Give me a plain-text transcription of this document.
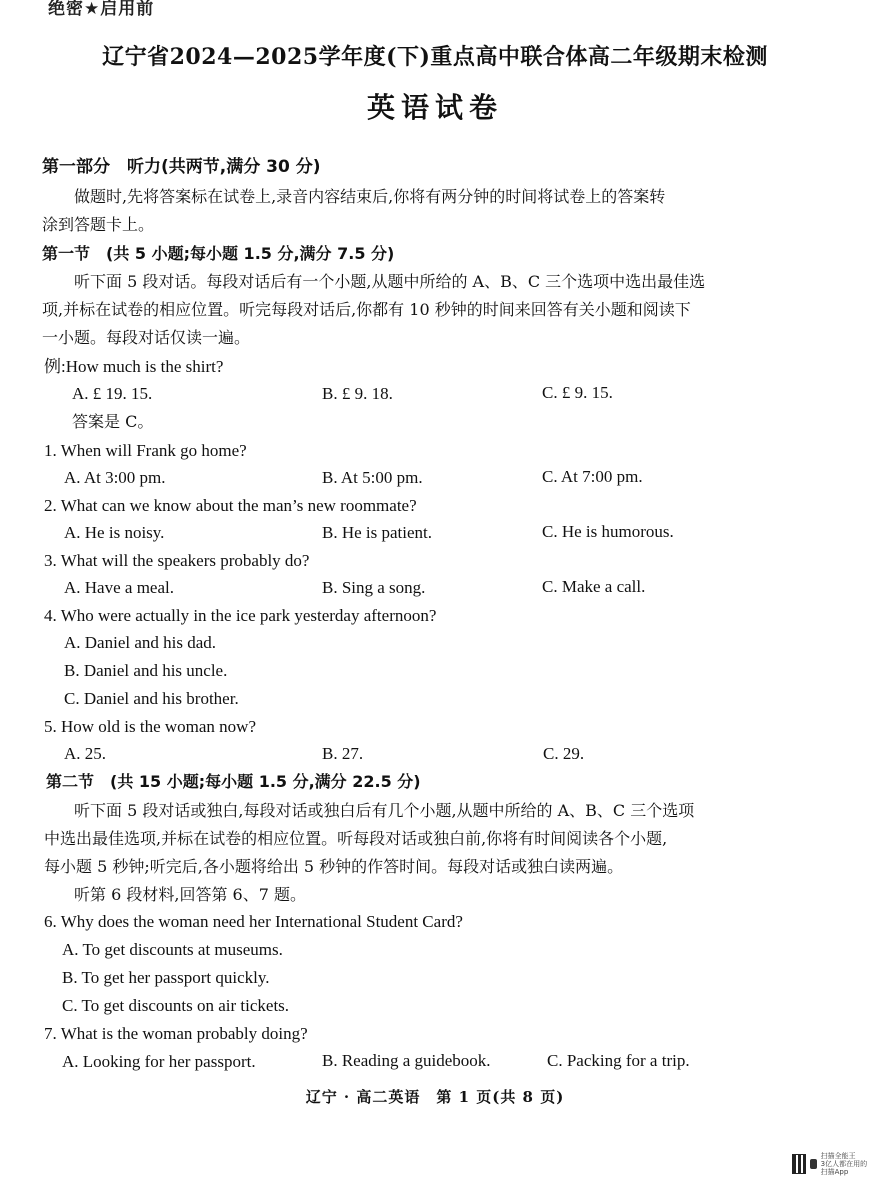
绝密★启用前
辽宁省2024—2025学年度(下)重点高中联合体高二年级期末检测
英语试卷
第一部分　听力(共两节,满分 30 分)
做题时,先将答案标在试卷上,录音内容结束后,你将有两分钟的时间将试卷上的答案转
涂到答题卡上。
第一节　(共 5 小题;每小题 1.5 分,满分 7.5 分)
听下面 5 段对话。每段对话后有一个小题,从题中所给的 A、B、C 三个选项中选出最佳选
项,并标在试卷的相应位置。听完每段对话后,你都有 10 秒钟的时间来回答有关小题和阅读下
一小题。每段对话仅读一遍。
例:How much is the shirt?
A. £ 19. 15.	B. £ 9. 18.	C. £ 9. 15.
答案是 C。
1. When will Frank go home?
A. At 3:00 pm.	B. At 5:00 pm.	C. At 7:00 pm.
2. What can we know about the man’s new roommate?
A. He is noisy.	B. He is patient.	C. He is humorous.
3. What will the speakers probably do?
A. Have a meal.	B. Sing a song.	C. Make a call.
4. Who were actually in the ice park yesterday afternoon?
A. Daniel and his dad.
B. Daniel and his uncle.
C. Daniel and his brother.
5. How old is the woman now?
A. 25.	B. 27.	C. 29.
第二节　(共 15 小题;每小题 1.5 分,满分 22.5 分)
听下面 5 段对话或独白,每段对话或独白后有几个小题,从题中所给的 A、B、C 三个选项
中选出最佳选项,并标在试卷的相应位置。听每段对话或独白前,你将有时间阅读各个小题,
每小题 5 秒钟;听完后,各小题将给出 5 秒钟的作答时间。每段对话或独白读两遍。
听第 6 段材料,回答第 6、7 题。
6. Why does the woman need her International Student Card?
A. To get discounts at museums.
B. To get her passport quickly.
C. To get discounts on air tickets.
7. What is the woman probably doing?
A. Looking for her passport.	B. Reading a guidebook.	C. Packing for a trip.
辽宁 · 高二英语　第 1 页(共 8 页)
扫描全能王
3亿人都在用的扫描App
